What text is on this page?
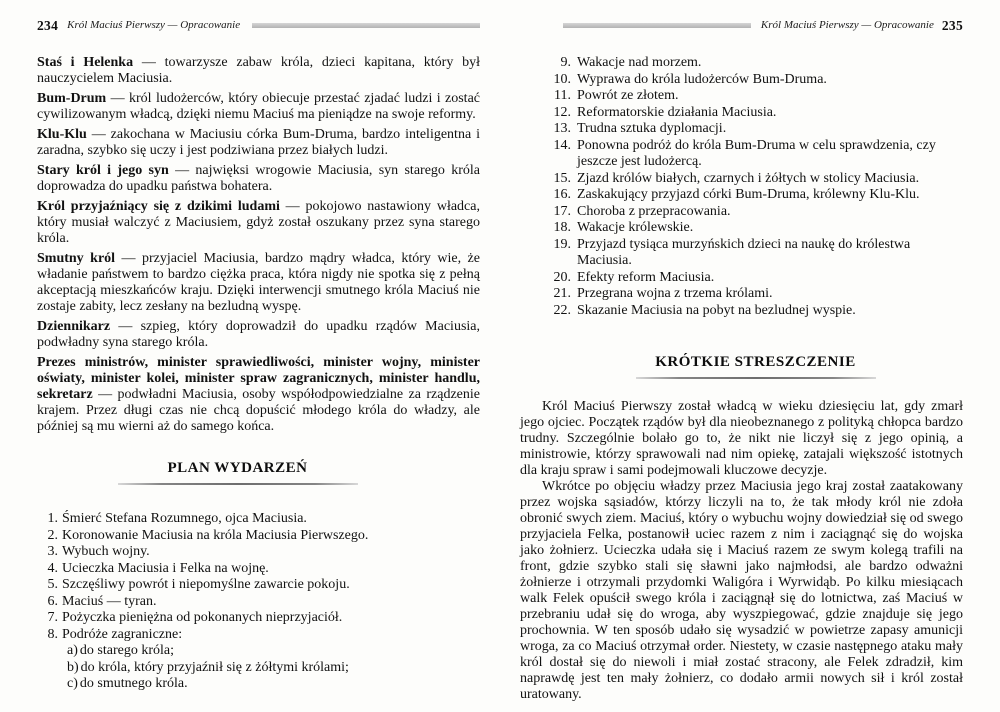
234 Król Maciuś Pierwszy — Opracowanie

Staś i Helenka — towarzysze zabaw króla, dzieci kapitana, który był nauczycielem Maciusia.

Bum-Drum — król ludożerców, który obiecuje przestać zjadać ludzi i zostać cywilizowanym władcą, dzięki niemu Maciuś ma pieniądze na swoje reformy.

Klu-Klu — zakochana w Maciusiu córka Bum-Druma, bardzo inteligentna i zaradna, szybko się uczy i jest podziwiana przez białych ludzi.

Stary król i jego syn — najwięksi wrogowie Maciusia, syn starego króla doprowadza do upadku państwa bohatera.

Król przyjaźniący się z dzikimi ludami — pokojowo nastawiony władca, który musiał walczyć z Maciusiem, gdyż został oszukany przez syna starego króla.

Smutny król — przyjaciel Maciusia, bardzo mądry władca, który wie, że władanie państwem to bardzo ciężka praca, która nigdy nie spotka się z pełną akceptacją mieszkańców kraju. Dzięki interwencji smutnego króla Maciuś nie zostaje zabity, lecz zesłany na bezludną wyspę.

Dziennikarz — szpieg, który doprowadził do upadku rządów Maciusia, podwładny syna starego króla.

Prezes ministrów, minister sprawiedliwości, minister wojny, minister oświaty, minister kolei, minister spraw zagranicznych, minister handlu, sekretarz — podwładni Maciusia, osoby współodpowiedzialne za rządzenie krajem. Przez długi czas nie chcą dopuścić młodego króla do władzy, ale później są mu wierni aż do samego końca.

PLAN WYDARZEŃ
1. Śmierć Stefana Rozumnego, ojca Maciusia.
2. Koronowanie Maciusia na króla Maciusia Pierwszego.
3. Wybuch wojny.
4. Ucieczka Maciusia i Felka na wojnę.
5. Szczęśliwy powrót i niepomyślne zawarcie pokoju.
6. Maciuś — tyran.
7. Pożyczka pieniężna od pokonanych nieprzyjaciół.
8. Podróże zagraniczne:
a) do starego króla;
b) do króla, który przyjaźnił się z żółtymi królami;
c) do smutnego króla.
Król Maciuś Pierwszy — Opracowanie 235
9. Wakacje nad morzem.
10. Wyprawa do króla ludożerców Bum-Druma.
11. Powrót ze złotem.
12. Reformatorskie działania Maciusia.
13. Trudna sztuka dyplomacji.
14. Ponowna podróż do króla Bum-Druma w celu sprawdzenia, czy jeszcze jest ludożercą.
15. Zjazd królów białych, czarnych i żółtych w stolicy Maciusia.
16. Zaskakujący przyjazd córki Bum-Druma, królewny Klu-Klu.
17. Choroba z przepracowania.
18. Wakacje królewskie.
19. Przyjazd tysiąca murzyńskich dzieci na naukę do królestwa Maciusia.
20. Efekty reform Maciusia.
21. Przegrana wojna z trzema królami.
22. Skazanie Maciusia na pobyt na bezludnej wyspie.
KRÓTKIE STRESZCZENIE

Król Maciuś Pierwszy został władcą w wieku dziesięciu lat, gdy zmarł jego ojciec. Początek rządów był dla nieobeznanego z polityką chłopca bardzo trudny. Szczególnie bolało go to, że nikt nie liczył się z jego opinią, a ministrowie, którzy sprawowali nad nim opiekę, zatajali większość istotnych dla kraju spraw i sami podejmowali kluczowe decyzje.

Wkrótce po objęciu władzy przez Maciusia jego kraj został zaatakowany przez wojska sąsiadów, którzy liczyli na to, że tak młody król nie zdoła obronić swych ziem. Maciuś, który o wybuchu wojny dowiedział się od swego przyjaciela Felka, postanowił uciec razem z nim i zaciągnąć się do wojska jako żołnierz. Ucieczka udała się i Maciuś razem ze swym kolegą trafili na front, gdzie szybko stali się sławni jako najmłodsi, ale bardzo odważni żołnierze i otrzymali przydomki Waligóra i Wyrwidąb. Po kilku miesiącach walk Felek opuścił swego króla i zaciągnął się do lotnictwa, zaś Maciuś w przebraniu udał się do wroga, aby wyszpiegować, gdzie znajduje się jego prochownia. W ten sposób udało się wysadzić w powietrze zapasy amunicji wroga, za co Maciuś otrzymał order. Niestety, w czasie następnego ataku mały król dostał się do niewoli i miał zostać stracony, ale Felek zdradził, kim naprawdę jest ten mały żołnierz, co dodało armii nowych sił i król został uratowany.
